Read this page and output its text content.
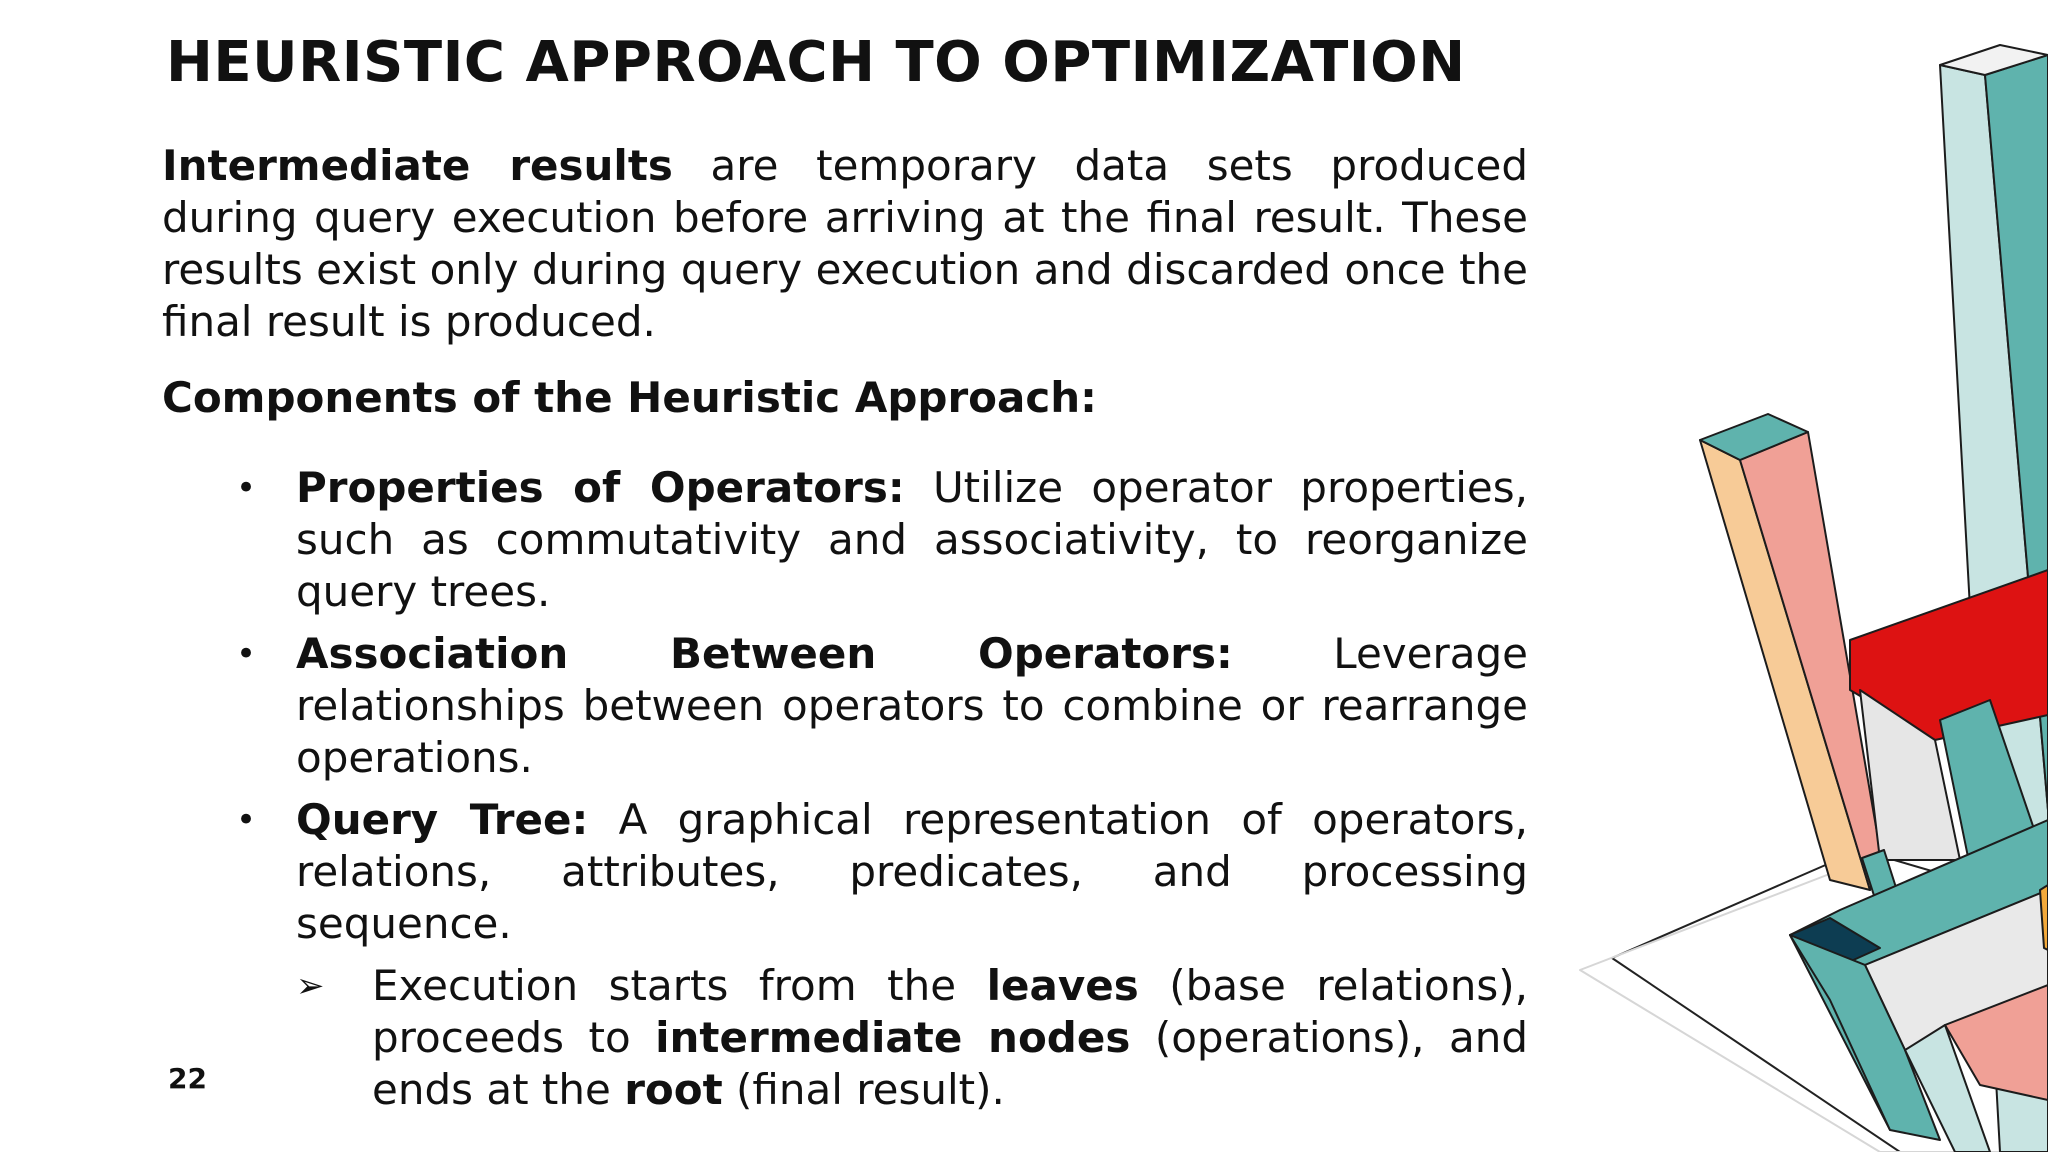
HEURISTIC APPROACH TO OPTIMIZATION

Intermediate results are temporary data sets produced during query execution before arriving at the final result. These results exist only during query execution and discarded once the final result is produced.

Components of the Heuristic Approach:

• Properties of Operators: Utilize operator properties, such as commutativity and associativity, to reorganize query trees.
• Association Between Operators: Leverage relationships between operators to combine or rearrange operations.
• Query Tree: A graphical representation of operators, relations, attributes, predicates, and processing sequence.
➢ Execution starts from the leaves (base relations), proceeds to intermediate nodes (operations), and ends at the root (final result).
22
